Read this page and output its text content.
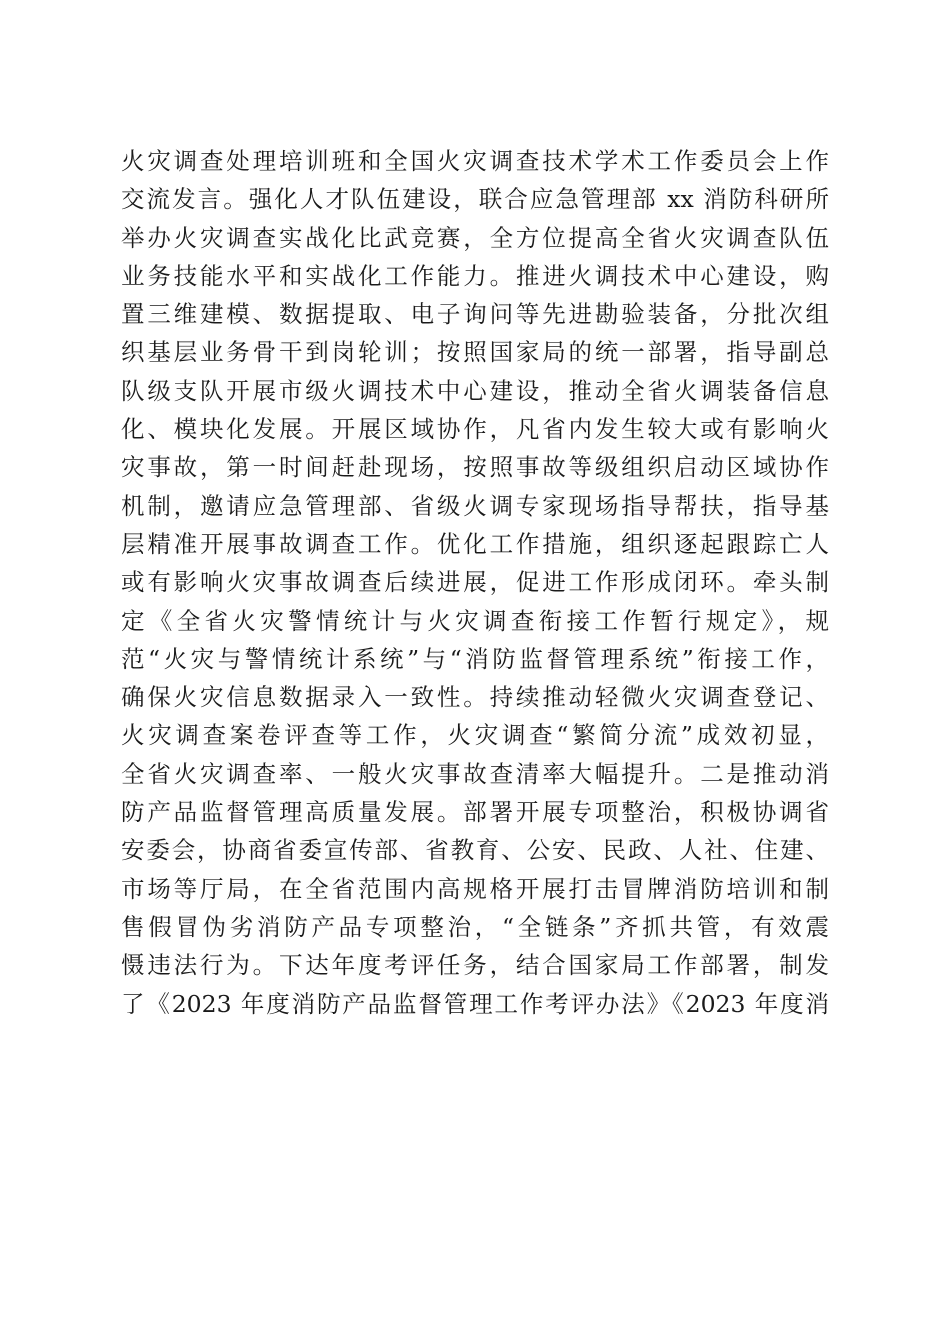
火灾调查处理培训班和全国火灾调查技术学术工作委员会上作
交流发言。强化人才队伍建设，联合应急管理部 xx 消防科研所
举办火灾调查实战化比武竞赛，全方位提高全省火灾调查队伍
业务技能水平和实战化工作能力。推进火调技术中心建设，购
置三维建模、数据提取、电子询问等先进勘验装备，分批次组
织基层业务骨干到岗轮训；按照国家局的统一部署，指导副总
队级支队开展市级火调技术中心建设，推动全省火调装备信息
化、模块化发展。开展区域协作，凡省内发生较大或有影响火
灾事故，第一时间赶赴现场，按照事故等级组织启动区域协作
机制，邀请应急管理部、省级火调专家现场指导帮扶，指导基
层精准开展事故调查工作。优化工作措施，组织逐起跟踪亡人
或有影响火灾事故调查后续进展，促进工作形成闭环。牵头制
定《全省火灾警情统计与火灾调查衔接工作暂行规定》，规
范“火灾与警情统计系统”与“消防监督管理系统”衔接工作，
确保火灾信息数据录入一致性。持续推动轻微火灾调查登记、
火灾调查案卷评查等工作，火灾调查“繁简分流”成效初显，
全省火灾调查率、一般火灾事故查清率大幅提升。二是推动消
防产品监督管理高质量发展。部署开展专项整治，积极协调省
安委会，协商省委宣传部、省教育、公安、民政、人社、住建、
市场等厅局，在全省范围内高规格开展打击冒牌消防培训和制
售假冒伪劣消防产品专项整治，“全链条”齐抓共管，有效震
慑违法行为。下达年度考评任务，结合国家局工作部署，制发
了《2023 年度消防产品监督管理工作考评办法》《2023 年度消
